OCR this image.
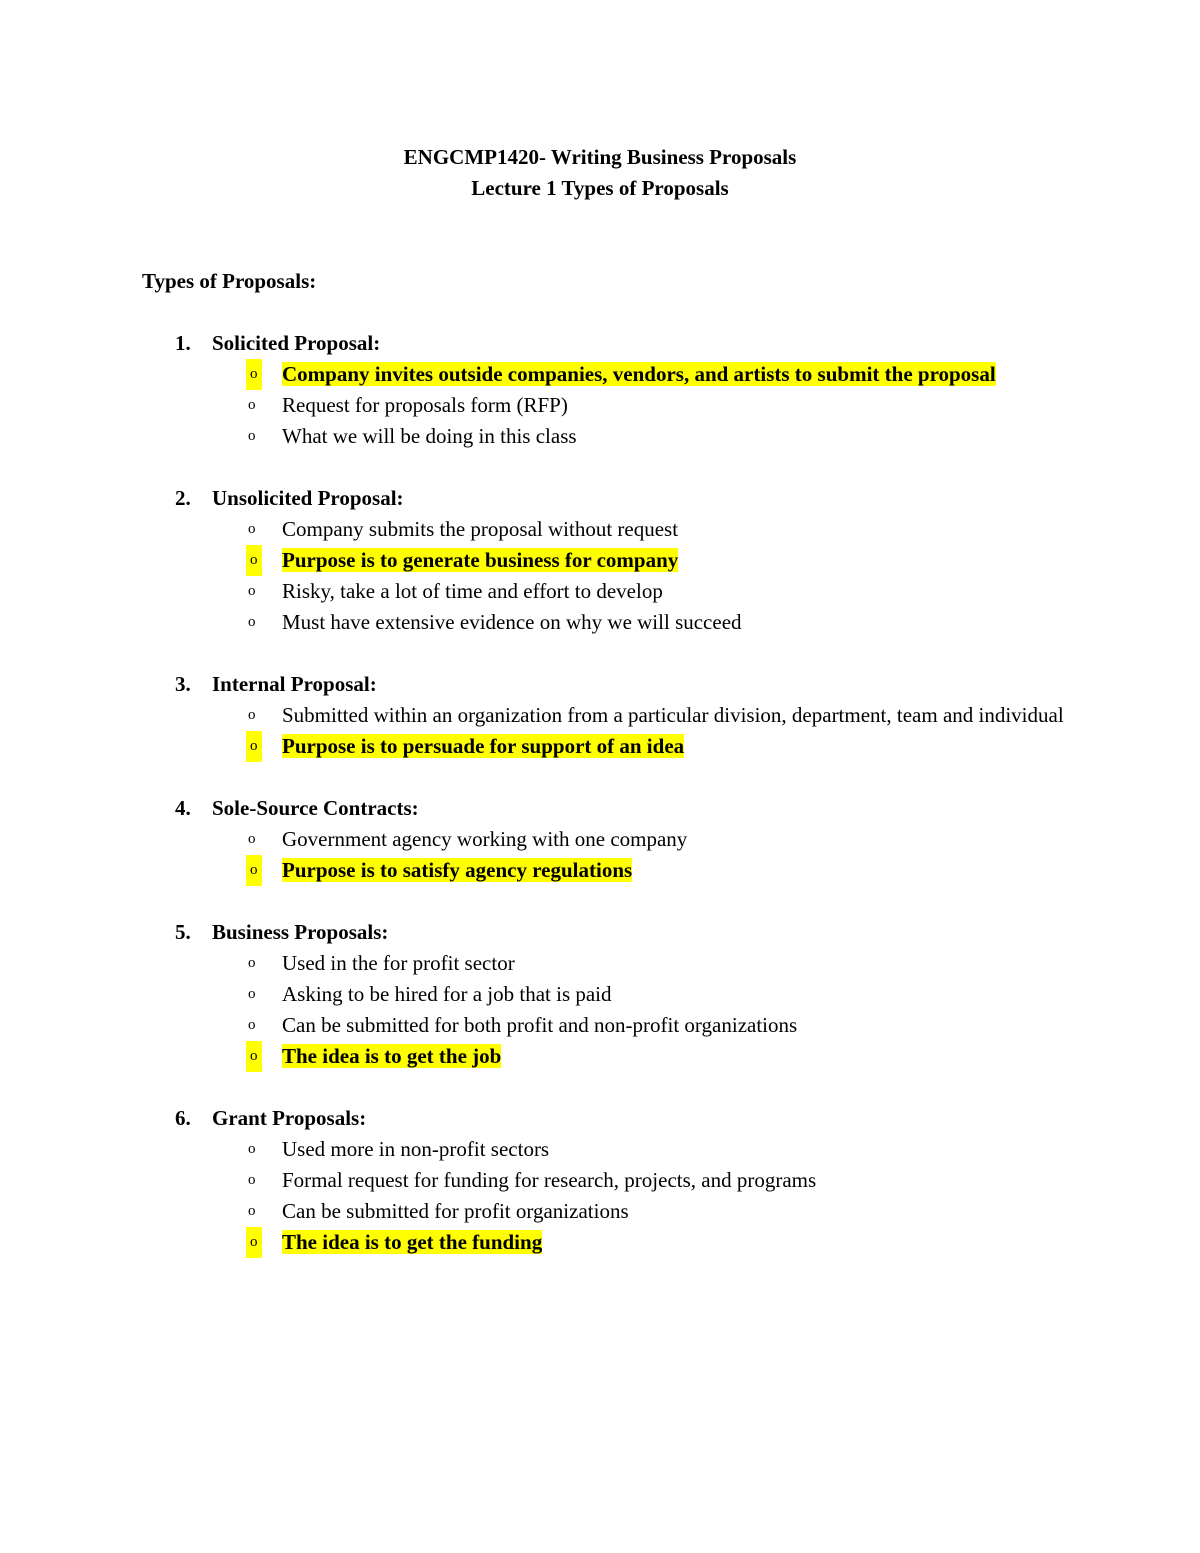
ENGCMP1420- Writing Business Proposals
Lecture 1 Types of Proposals
Types of Proposals:
1. Solicited Proposal:
o Company invites outside companies, vendors, and artists to submit the proposal
o Request for proposals form (RFP)
o What we will be doing in this class
2. Unsolicited Proposal:
o Company submits the proposal without request
o Purpose is to generate business for company
o Risky, take a lot of time and effort to develop
o Must have extensive evidence on why we will succeed
3. Internal Proposal:
o Submitted within an organization from a particular division, department, team and individual
o Purpose is to persuade for support of an idea
4. Sole-Source Contracts:
o Government agency working with one company
o Purpose is to satisfy agency regulations
5. Business Proposals:
o Used in the for profit sector
o Asking to be hired for a job that is paid
o Can be submitted for both profit and non-profit organizations
o The idea is to get the job
6. Grant Proposals:
o Used more in non-profit sectors
o Formal request for funding for research, projects, and programs
o Can be submitted for profit organizations
o The idea is to get the funding
